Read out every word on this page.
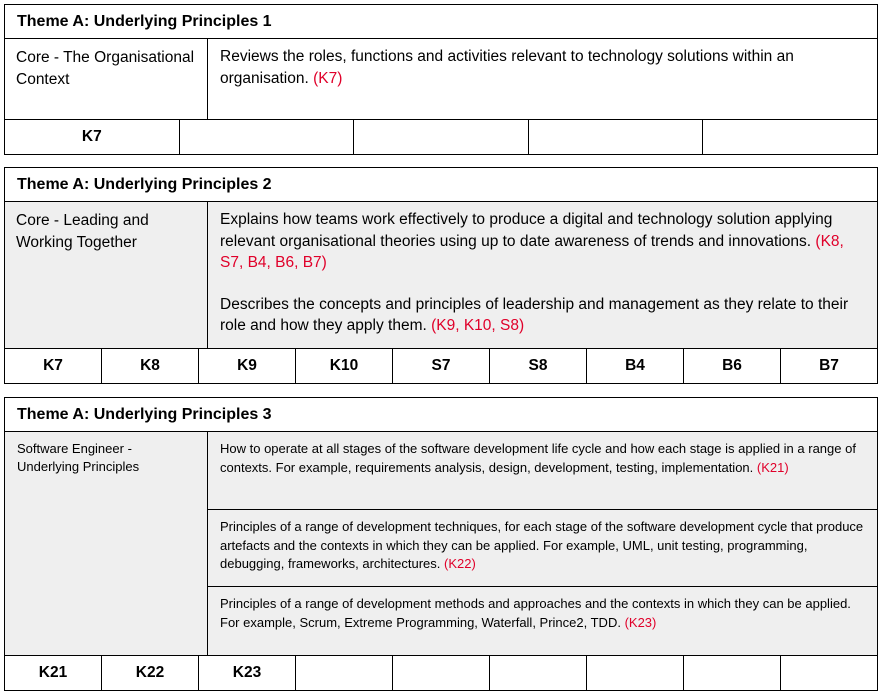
Theme A: Underlying Principles 1
Core - The Organisational Context
Reviews the roles, functions and activities relevant to technology solutions within an organisation. (K7)
K7
Theme A: Underlying Principles 2
Core - Leading and Working Together
Explains how teams work effectively to produce a digital and technology solution applying relevant organisational theories using up to date awareness of trends and innovations. (K8, S7, B4, B6, B7)
Describes the concepts and principles of leadership and management as they relate to their role and how they apply them. (K9, K10, S8)
K7	K8	K9	K10	S7	S8	B4	B6	B7
Theme A: Underlying Principles 3
Software Engineer - Underlying Principles
How to operate at all stages of the software development life cycle and how each stage is applied in a range of contexts. For example, requirements analysis, design, development, testing, implementation. (K21)
Principles of a range of development techniques, for each stage of the software development cycle that produce artefacts and the contexts in which they can be applied. For example, UML, unit testing, programming, debugging, frameworks, architectures. (K22)
Principles of a range of development methods and approaches and the contexts in which they can be applied. For example, Scrum, Extreme Programming, Waterfall, Prince2, TDD. (K23)
K21	K22	K23
